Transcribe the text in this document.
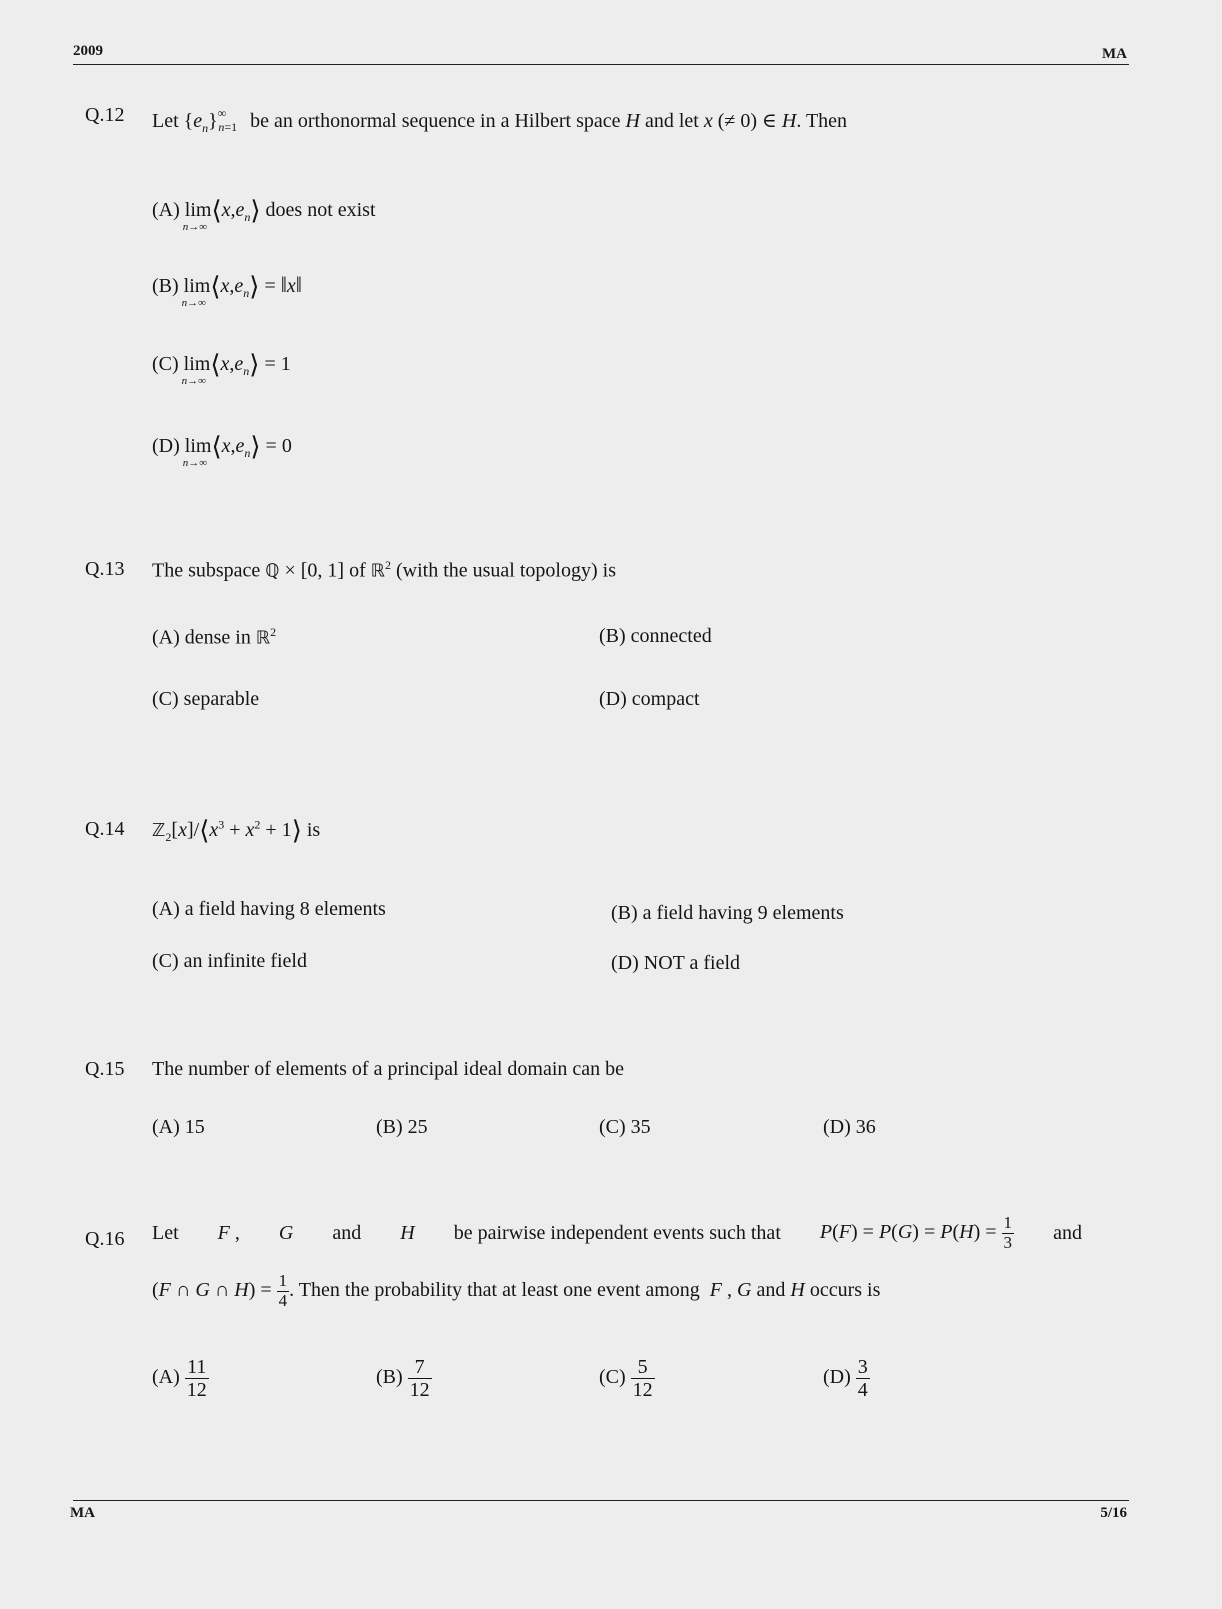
2009	MA
Q.12 Let $\{e_n\}^\infty_{n=1}$ be an orthonormal sequence in a Hilbert space H and let x (≠ 0) ∈ H. Then
(A) lim
n→∞
$⟨x,e_n⟩$ does not exist
(B) lim
n→∞
$⟨x,e_n⟩$ = ‖x‖
(C) lim
n→∞
$⟨x,e_n⟩ = 1$
(D) lim
n→∞
$⟨x,e_n⟩ = 0$
Q.13 The subspace ℚ × [0, 1] of ℝ$^2$ (with the usual topology) is
(A) dense in ℝ$^2$	(B) connected
(C) separable	(D) compact
Q.14 $ℤ_2[x]/⟨x^3 + x^2$ + 1⟩ is
(A) a field having 8 elements	(B) a field having 9 elements
(C) an infinite field	(D) NOT a field
Q.15 The number of elements of a principal ideal domain can be
(A) 15	(B) 25	(C) 35	(D) 36
Q.16 Let F , G and H be pairwise independent events such that $P(F) = P(G) = P(H) = \frac{1}{3}$ and
(F ∩ G ∩ $H) = \frac{1}{4}$ . Then the probability that at least one event among F , G and H occurs is
$(A) \frac{11}{12}$	$(B) \frac{7}{12}$	$(C) \frac{5}{12}$	$(D) \frac{3}{4}$
MA	5/16
